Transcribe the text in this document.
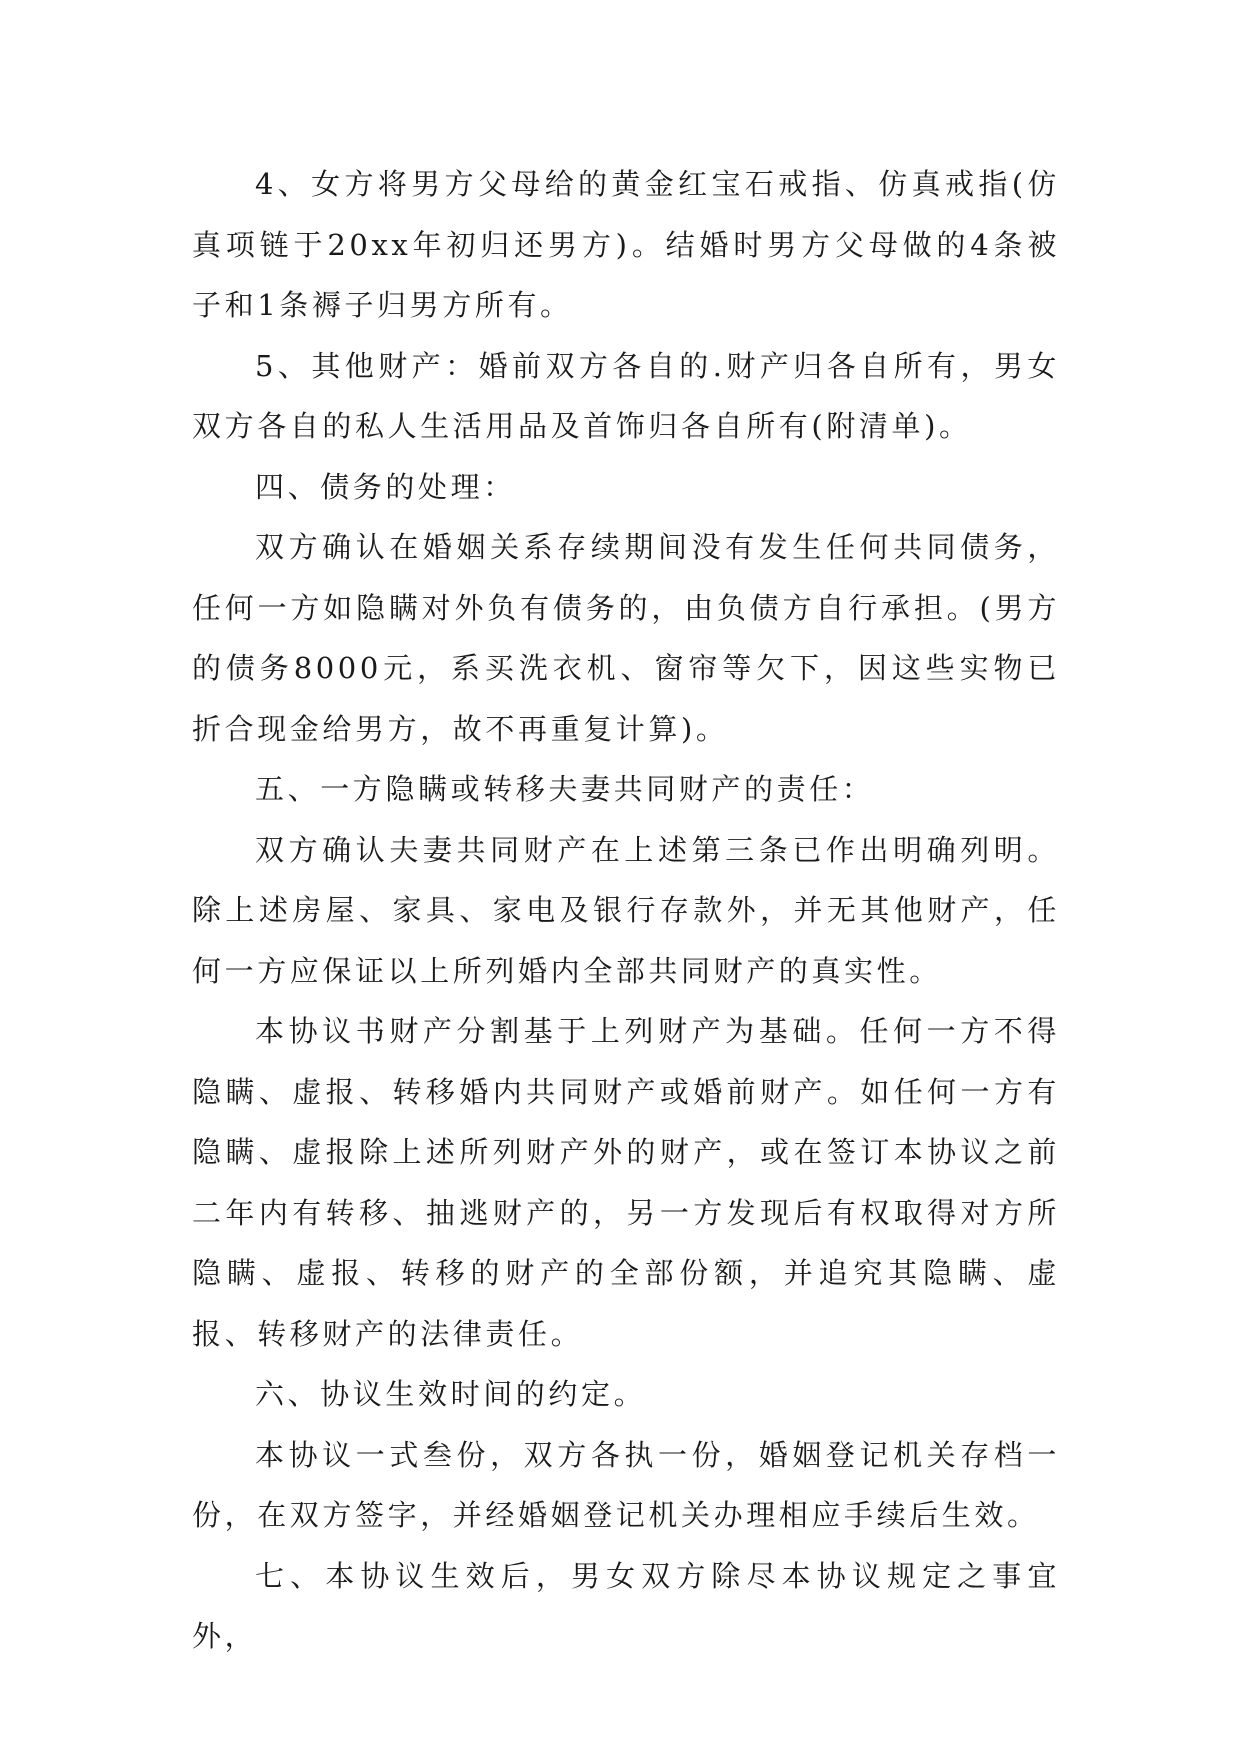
4、女方将男方父母给的黄金红宝石戒指、仿真戒指(仿真项链于20xx年初归还男方)。结婚时男方父母做的4条被子和1条褥子归男方所有。

5、其他财产：婚前双方各自的.财产归各自所有，男女双方各自的私人生活用品及首饰归各自所有(附清单)。

四、债务的处理：

双方确认在婚姻关系存续期间没有发生任何共同债务，任何一方如隐瞒对外负有债务的，由负债方自行承担。(男方的债务8000元，系买洗衣机、窗帘等欠下，因这些实物已折合现金给男方，故不再重复计算)。

五、一方隐瞒或转移夫妻共同财产的责任：

双方确认夫妻共同财产在上述第三条已作出明确列明。除上述房屋、家具、家电及银行存款外，并无其他财产，任何一方应保证以上所列婚内全部共同财产的真实性。

本协议书财产分割基于上列财产为基础。任何一方不得隐瞒、虚报、转移婚内共同财产或婚前财产。如任何一方有隐瞒、虚报除上述所列财产外的财产，或在签订本协议之前二年内有转移、抽逃财产的，另一方发现后有权取得对方所隐瞒、虚报、转移的财产的全部份额，并追究其隐瞒、虚报、转移财产的法律责任。

六、协议生效时间的约定。

本协议一式叁份，双方各执一份，婚姻登记机关存档一份，在双方签字，并经婚姻登记机关办理相应手续后生效。

七、本协议生效后，男女双方除尽本协议规定之事宜外，
